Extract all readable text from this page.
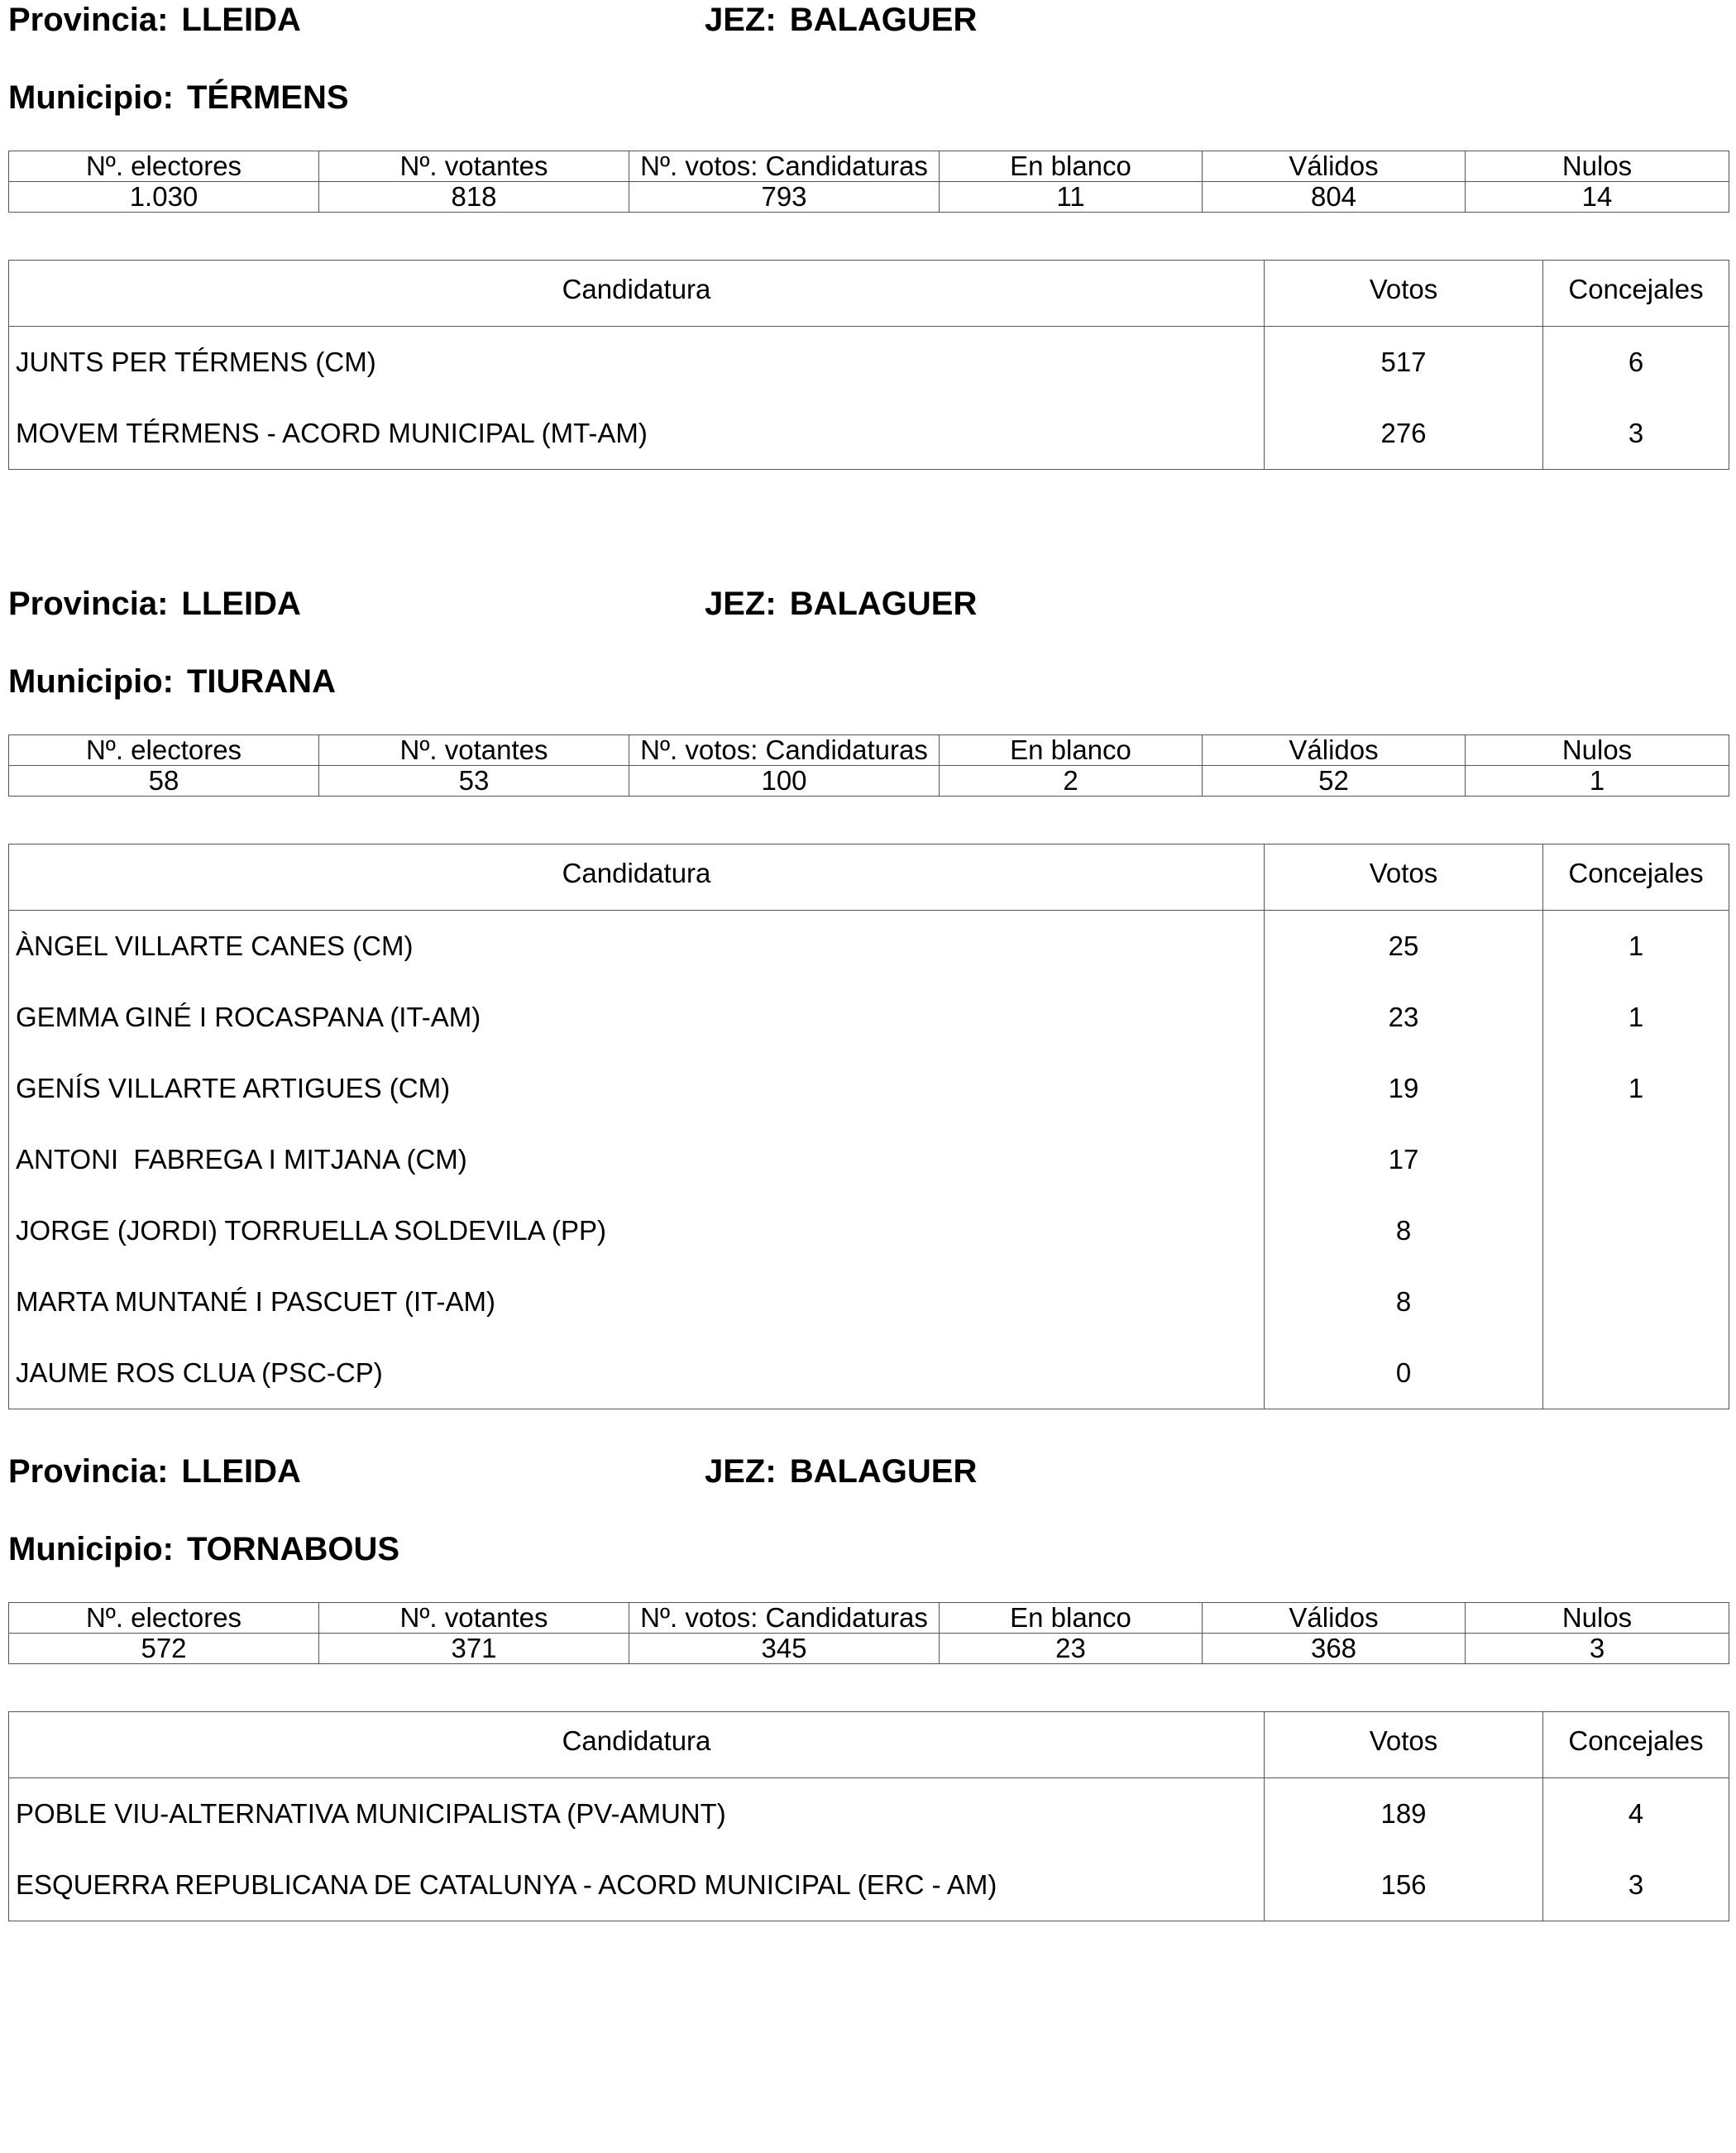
Provincia: LLEIDA	JEZ: BALAGUER
Municipio: TÉRMENS
Nº. electores	Nº. votantes	Nº. votos: Candidaturas	En blanco	Válidos	Nulos
1.030	818	793	11	804	14
Candidatura	Votos	Concejales
JUNTS PER TÉRMENS (CM)	517	6
MOVEM TÉRMENS - ACORD MUNICIPAL (MT-AM)	276	3
Provincia: LLEIDA	JEZ: BALAGUER
Municipio: TIURANA
Nº. electores	Nº. votantes	Nº. votos: Candidaturas	En blanco	Válidos	Nulos
58	53	100	2	52	1
Candidatura	Votos	Concejales
ÀNGEL VILLARTE CANES (CM)	25	1
GEMMA GINÉ I ROCASPANA (IT-AM)	23	1
GENÍS VILLARTE ARTIGUES (CM)	19	1
ANTONI  FABREGA I MITJANA (CM)	17	
JORGE (JORDI) TORRUELLA SOLDEVILA (PP)	8	
MARTA MUNTANÉ I PASCUET (IT-AM)	8	
JAUME ROS CLUA (PSC-CP)	0	
Provincia: LLEIDA	JEZ: BALAGUER
Municipio: TORNABOUS
Nº. electores	Nº. votantes	Nº. votos: Candidaturas	En blanco	Válidos	Nulos
572	371	345	23	368	3
Candidatura	Votos	Concejales
POBLE VIU-ALTERNATIVA MUNICIPALISTA (PV-AMUNT)	189	4
ESQUERRA REPUBLICANA DE CATALUNYA - ACORD MUNICIPAL (ERC - AM)	156	3
